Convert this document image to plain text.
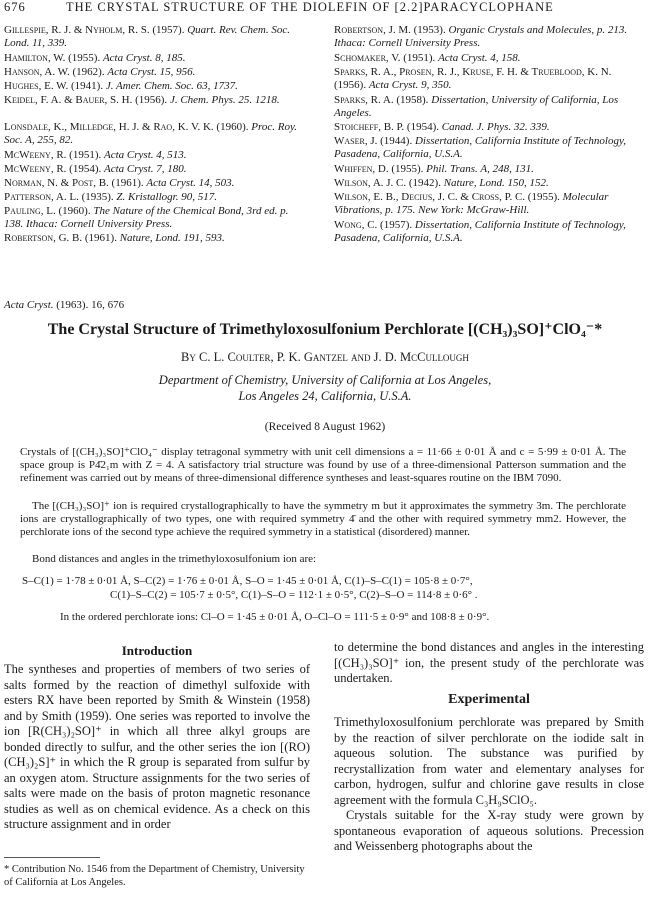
676	THE CRYSTAL STRUCTURE OF THE DIOLEFIN OF [2.2]PARACYCLOPHANE
Gillespie, R. J. & Nyholm, R. S. (1957). Quart. Rev. Chem. Soc. Lond. 11, 339.
Hamilton, W. (1955). Acta Cryst. 8, 185.
Hanson, A. W. (1962). Acta Cryst. 15, 956.
Hughes, E. W. (1941). J. Amer. Chem. Soc. 63, 1737.
Keidel, F. A. & Bauer, S. H. (1956). J. Chem. Phys. 25. 1218.
Lonsdale, K., Milledge, H. J. & Rao, K. V. K. (1960). Proc. Roy. Soc. A, 255, 82.
McWeeny, R. (1951). Acta Cryst. 4, 513.
McWeeny, R. (1954). Acta Cryst. 7, 180.
Norman, N. & Post, B. (1961). Acta Cryst. 14, 503.
Patterson, A. L. (1935). Z. Kristallogr. 90, 517.
Pauling, L. (1960). The Nature of the Chemical Bond, 3rd ed. p. 138. Ithaca: Cornell University Press.
Robertson, G. B. (1961). Nature, Lond. 191, 593.
Robertson, J. M. (1953). Organic Crystals and Molecules, p. 213. Ithaca: Cornell University Press.
Schomaker, V. (1951). Acta Cryst. 4, 158.
Sparks, R. A., Prosen, R. J., Kruse, F. H. & Trueblood, K. N. (1956). Acta Cryst. 9, 350.
Sparks, R. A. (1958). Dissertation, University of California, Los Angeles.
Stoicheff, B. P. (1954). Canad. J. Phys. 32. 339.
Waser, J. (1944). Dissertation, California Institute of Technology, Pasadena, California, U.S.A.
Whiffen, D. (1955). Phil. Trans. A, 248, 131.
Wilson, A. J. C. (1942). Nature, Lond. 150, 152.
Wilson, E. B., Decius, J. C. & Cross, P. C. (1955). Molecular Vibrations, p. 175. New York: McGraw-Hill.
Wong, C. (1957). Dissertation, California Institute of Technology, Pasadena, California, U.S.A.
Acta Cryst. (1963). 16, 676
The Crystal Structure of Trimethyloxosulfonium Perchlorate [(CH₃)₃SO]⁺ClO₄⁻*
By C. L. Coulter, P. K. Gantzel and J. D. McCullough
Department of Chemistry, University of California at Los Angeles,
Los Angeles 24, California, U.S.A.
(Received 8 August 1962)
Crystals of [(CH₃)₃SO]⁺ClO₄⁻ display tetragonal symmetry with unit cell dimensions a = 11·66 ± 0·01 Å and c = 5·99 ± 0·01 Å. The space group is P4̄2₁m with Z = 4. A satisfactory trial structure was found by use of a three-dimensional Patterson summation and the refinement was carried out by means of three-dimensional difference syntheses and least-squares routine on the IBM 7090.
The [(CH₃)₃SO]⁺ ion is required crystallographically to have the symmetry m but it approximates the symmetry 3m. The perchlorate ions are crystallographically of two types, one with required symmetry 4̄ and the other with required symmetry mm2. However, the perchlorate ions of the second type achieve the required symmetry in a statistical (disordered) manner.
Bond distances and angles in the trimethyloxosulfonium ion are:
S–C(1) = 1·78 ± 0·01 Å, S–C(2) = 1·76 ± 0·01 Å, S–O = 1·45 ± 0·01 Å, C(1)–S–C(1) = 105·8 ± 0·7°,
C(1)–S–C(2) = 105·7 ± 0·5°, C(1)–S–O = 112·1 ± 0·5°, C(2)–S–O = 114·8 ± 0·6° .
In the ordered perchlorate ions: Cl–O = 1·45 ± 0·01 Å, O–Cl–O = 111·5 ± 0·9° and 108·8 ± 0·9°.
Introduction
The syntheses and properties of members of two series of salts formed by the reaction of dimethyl sulfoxide with esters RX have been reported by Smith & Winstein (1958) and by Smith (1959). One series was reported to involve the ion [R(CH₃)₂SO]⁺ in which all three alkyl groups are bonded directly to sulfur, and the other series the ion [(RO)(CH₃)₂S]⁺ in which the R group is separated from sulfur by an oxygen atom. Structure assignments for the two series of salts were made on the basis of proton magnetic resonance studies as well as on chemical evidence. As a check on this structure assignment and in order
to determine the bond distances and angles in the interesting [(CH₃)₃SO]⁺ ion, the present study of the perchlorate was undertaken.
Experimental
Trimethyloxosulfonium perchlorate was prepared by Smith by the reaction of silver perchlorate on the iodide salt in aqueous solution. The substance was purified by recrystallization from water and elementary analyses for carbon, hydrogen, sulfur and chlorine gave results in close agreement with the formula C₃H₉SClO₅.
Crystals suitable for the X-ray study were grown by spontaneous evaporation of aqueous solutions. Precession and Weissenberg photographs about the
* Contribution No. 1546 from the Department of Chemistry, University of California at Los Angeles.
